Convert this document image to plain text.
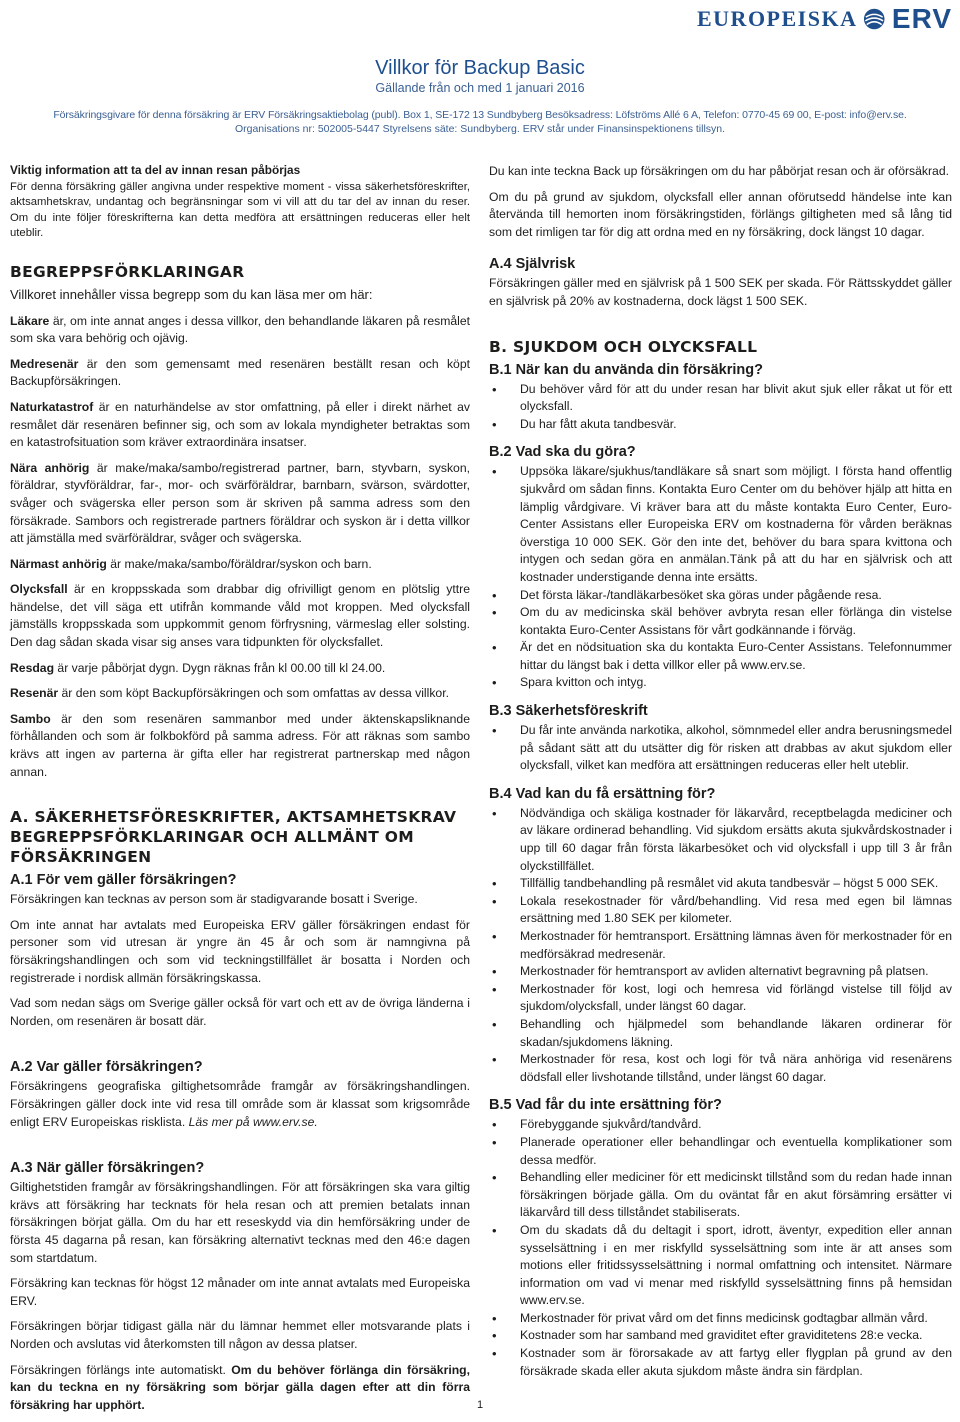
EUROPEISKA ERV
Villkor för Backup Basic
Gällande från och med 1 januari 2016
Försäkringsgivare för denna försäkring är ERV Försäkringsaktiebolag (publ). Box 1, SE-172 13 Sundbyberg Besöksadress: Löfströms Allé 6 A, Telefon: 0770-45 69 00, E-post: info@erv.se.
Organisations nr: 502005-5447 Styrelsens säte: Sundbyberg. ERV står under Finansinspektionens tillsyn.
Viktig information att ta del av innan resan påbörjas
För denna försäkring gäller angivna under respektive moment - vissa säkerhetsföreskrifter, aktsamhetskrav, undantag och begränsningar som vi vill att du tar del av innan du reser. Om du inte följer föreskrifterna kan detta medföra att ersättningen reduceras eller helt uteblir.
BEGREPPSFÖRKLARINGAR

Villkoret innehåller vissa begrepp som du kan läsa mer om här:

Läkare är, om inte annat anges i dessa villkor, den behandlande läkaren på resmålet som ska vara behörig och ojävig.

Medresenär är den som gemensamt med resenären beställt resan och köpt Backupförsäkringen.

Naturkatastrof är en naturhändelse av stor omfattning, på eller i direkt närhet av resmålet där resenären befinner sig, och som av lokala myndigheter betraktas som en katastrofsituation som kräver extraordinära insatser.

Nära anhörig är make/maka/sambo/registrerad partner, barn, styvbarn, syskon, föräldrar, styvföräldrar, far-, mor- och svärföräldrar, barnbarn, svärson, svärdotter, svåger och svägerska eller person som är skriven på samma adress som den försäkrade. Sambors och registrerade partners föräldrar och syskon är i detta villkor att jämställa med svärföräldrar, svåger och svägerska.

Närmast anhörig är make/maka/sambo/föräldrar/syskon och barn.

Olycksfall är en kroppsskada som drabbar dig ofrivilligt genom en plötslig yttre händelse, det vill säga ett utifrån kommande våld mot kroppen. Med olycksfall jämställs kroppsskada som uppkommit genom förfrysning, värmeslag eller solsting. Den dag sådan skada visar sig anses vara tidpunkten för olycksfallet.

Resdag är varje påbörjat dygn. Dygn räknas från kl 00.00 till kl 24.00.

Resenär är den som köpt Backupförsäkringen och som omfattas av dessa villkor.

Sambo är den som resenären sammanbor med under äktenskapsliknande förhållanden och som är folkbokförd på samma adress. För att räknas som sambo krävs att ingen av parterna är gifta eller har registrerat partnerskap med någon annan.

A. SÄKERHETSFÖRESKRIFTER, AKTSAMHETSKRAV BEGREPPSFÖRKLARINGAR OCH ALLMÄNT OM FÖRSÄKRINGEN
A.1 För vem gäller försäkringen?

Försäkringen kan tecknas av person som är stadigvarande bosatt i Sverige.

Om inte annat har avtalats med Europeiska ERV gäller försäkringen endast för personer som vid utresan är yngre än 45 år och som är namngivna på försäkringshandlingen och som vid teckningstillfället är bosatta i Norden och registrerade i nordisk allmän försäkringskassa.

Vad som nedan sägs om Sverige gäller också för vart och ett av de övriga länderna i Norden, om resenären är bosatt där.

A.2 Var gäller försäkringen?

Försäkringens geografiska giltighetsområde framgår av försäkringshandlingen. Försäkringen gäller dock inte vid resa till område som är klassat som krigsområde enligt ERV Europeiskas risklista. Läs mer på www.erv.se.

A.3 När gäller försäkringen?

Giltighetstiden framgår av försäkringshandlingen. För att försäkringen ska vara giltig krävs att försäkring har tecknats för hela resan och att premien betalats innan försäkringen börjat gälla. Om du har ett reseskydd via din hemförsäkring under de första 45 dagarna på resan, kan försäkring alternativt tecknas med den 46:e dagen som startdatum.

Försäkring kan tecknas för högst 12 månader om inte annat avtalats med Europeiska ERV.

Försäkringen börjar tidigast gälla när du lämnar hemmet eller motsvarande plats i Norden och avslutas vid återkomsten till någon av dessa platser.

Försäkringen förlängs inte automatiskt. Om du behöver förlänga din försäkring, kan du teckna en ny försäkring som börjar gälla dagen efter att din förra försäkring har upphört.

Du kan inte teckna Back up försäkringen om du har påbörjat resan och är oförsäkrad.

Om du på grund av sjukdom, olycksfall eller annan oförutsedd händelse inte kan återvända till hemorten inom försäkringstiden, förlängs giltigheten med så lång tid som det rimligen tar för dig att ordna med en ny försäkring, dock längst 10 dagar.

A.4 Självrisk

Försäkringen gäller med en självrisk på 1 500 SEK per skada. För Rättsskyddet gäller en självrisk på 20% av kostnaderna, dock lägst 1 500 SEK.

B. SJUKDOM OCH OLYCKSFALL
B.1 När kan du använda din försäkring?
• Du behöver vård för att du under resan har blivit akut sjuk eller råkat ut för ett olycksfall.
• Du har fått akuta tandbesvär.
B.2 Vad ska du göra?
• Uppsöka läkare/sjukhus/tandläkare så snart som möjligt. I första hand offentlig sjukvård om sådan finns. Kontakta Euro Center om du behöver hjälp att hitta en lämplig vårdgivare. Vi kräver bara att du måste kontakta Euro Center, Euro-Center Assistans eller Europeiska ERV om kostnaderna för vården beräknas överstiga 10 000 SEK. Gör den inte det, behöver du bara spara kvittona och intygen och sedan göra en anmälan.Tänk på att du har en självrisk och att kostnader understigande denna inte ersätts.
• Det första läkar-/tandläkarbesöket ska göras under pågående resa.
• Om du av medicinska skäl behöver avbryta resan eller förlänga din vistelse kontakta Euro-Center Assistans för vårt godkännande i förväg.
• Är det en nödsituation ska du kontakta Euro-Center Assistans. Telefonnummer hittar du längst bak i detta villkor eller på www.erv.se.
• Spara kvitton och intyg.
B.3 Säkerhetsföreskrift
• Du får inte använda narkotika, alkohol, sömnmedel eller andra berusningsmedel på sådant sätt att du utsätter dig för risken att drabbas av akut sjukdom eller olycksfall, vilket kan medföra att ersättningen reduceras eller helt uteblir.
B.4 Vad kan du få ersättning för?
• Nödvändiga och skäliga kostnader för läkarvård, receptbelagda mediciner och av läkare ordinerad behandling. Vid sjukdom ersätts akuta sjukvårdskostnader i upp till 60 dagar från första läkarbesöket och vid olycksfall i upp till 3 år från olyckstillfället.
• Tillfällig tandbehandling på resmålet vid akuta tandbesvär – högst 5 000 SEK.
• Lokala resekostnader för vård/behandling. Vid resa med egen bil lämnas ersättning med 1.80 SEK per kilometer.
• Merkostnader för hemtransport. Ersättning lämnas även för merkostnader för en medförsäkrad medresenär.
• Merkostnader för hemtransport av avliden alternativt begravning på platsen.
• Merkostnader för kost, logi och hemresa vid förlängd vistelse till följd av sjukdom/olycksfall, under längst 60 dagar.
• Behandling och hjälpmedel som behandlande läkaren ordinerar för skadan/sjukdomens läkning.
• Merkostnader för resa, kost och logi för två nära anhöriga vid resenärens dödsfall eller livshotande tillstånd, under längst 60 dagar.
B.5 Vad får du inte ersättning för?
• Förebyggande sjukvård/tandvård.
• Planerade operationer eller behandlingar och eventuella komplikationer som dessa medför.
• Behandling eller mediciner för ett medicinskt tillstånd som du redan hade innan försäkringen började gälla. Om du oväntat får en akut försämring ersätter vi läkarvård till dess tillståndet stabiliserats.
• Om du skadats då du deltagit i sport, idrott, äventyr, expedition eller annan sysselsättning i en mer riskfylld sysselsättning som inte är att anses som motions eller fritidssysselsättning i normal omfattning och intensitet. Närmare information om vad vi menar med riskfylld sysselsättning finns på hemsidan www.erv.se.
• Merkostnader för privat vård om det finns medicinsk godtagbar allmän vård.
• Kostnader som har samband med graviditet efter graviditetens 28:e vecka.
• Kostnader som är förorsakade av att fartyg eller flygplan på grund av den försäkrade skada eller akuta sjukdom måste ändra sin färdplan.
1
